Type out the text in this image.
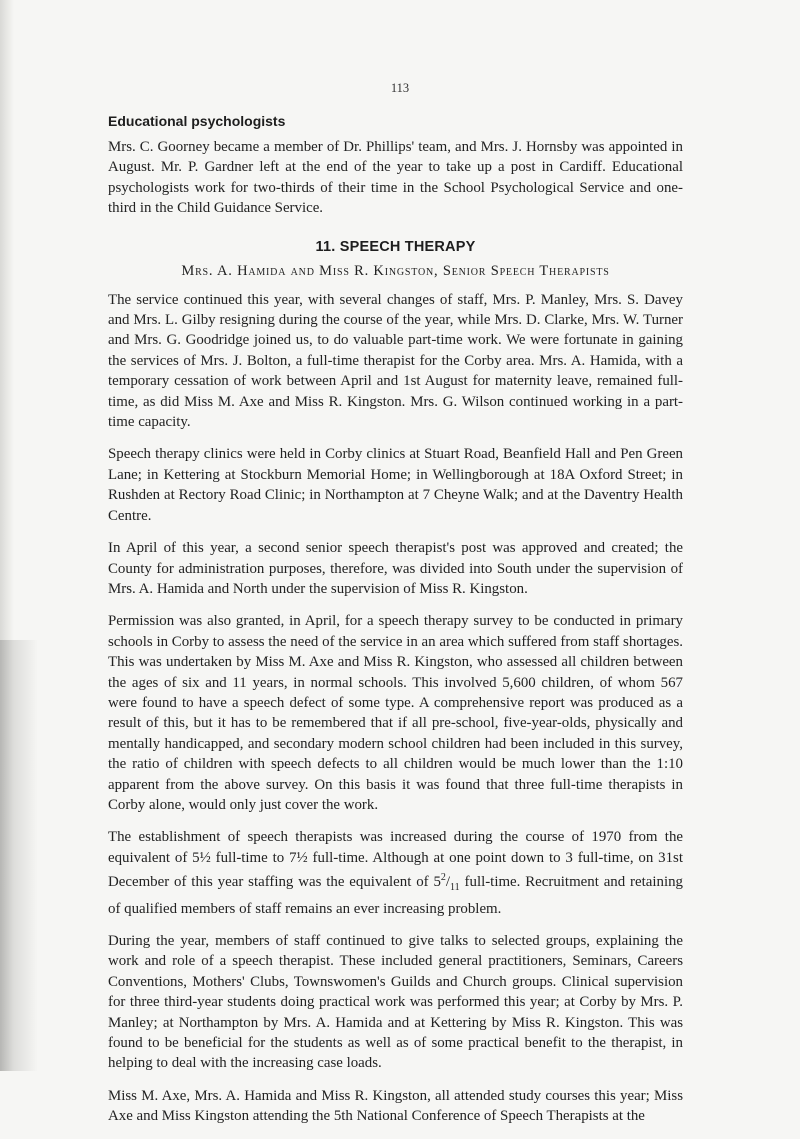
113
Educational psychologists

Mrs. C. Goorney became a member of Dr. Phillips' team, and Mrs. J. Hornsby was appointed in August. Mr. P. Gardner left at the end of the year to take up a post in Cardiff. Educational psychologists work for two-thirds of their time in the School Psychological Service and one-third in the Child Guidance Service.

11. SPEECH THERAPY
Mrs. A. Hamida and Miss R. Kingston, Senior Speech Therapists

The service continued this year, with several changes of staff, Mrs. P. Manley, Mrs. S. Davey and Mrs. L. Gilby resigning during the course of the year, while Mrs. D. Clarke, Mrs. W. Turner and Mrs. G. Goodridge joined us, to do valuable part-time work. We were fortunate in gaining the services of Mrs. J. Bolton, a full-time therapist for the Corby area. Mrs. A. Hamida, with a temporary cessation of work between April and 1st August for maternity leave, remained full-time, as did Miss M. Axe and Miss R. Kingston. Mrs. G. Wilson continued working in a part-time capacity.

Speech therapy clinics were held in Corby clinics at Stuart Road, Beanfield Hall and Pen Green Lane; in Kettering at Stockburn Memorial Home; in Wellingborough at 18A Oxford Street; in Rushden at Rectory Road Clinic; in Northampton at 7 Cheyne Walk; and at the Daventry Health Centre.

In April of this year, a second senior speech therapist's post was approved and created; the County for administration purposes, therefore, was divided into South under the supervision of Mrs. A. Hamida and North under the supervision of Miss R. Kingston.

Permission was also granted, in April, for a speech therapy survey to be conducted in primary schools in Corby to assess the need of the service in an area which suffered from staff shortages. This was undertaken by Miss M. Axe and Miss R. Kingston, who assessed all children between the ages of six and 11 years, in normal schools. This involved 5,600 children, of whom 567 were found to have a speech defect of some type. A comprehensive report was produced as a result of this, but it has to be remembered that if all pre-school, five-year-olds, physically and mentally handicapped, and secondary modern school children had been included in this survey, the ratio of children with speech defects to all children would be much lower than the 1:10 apparent from the above survey. On this basis it was found that three full-time therapists in Corby alone, would only just cover the work.

The establishment of speech therapists was increased during the course of 1970 from the equivalent of 5½ full-time to 7½ full-time. Although at one point down to 3 full-time, on 31st December of this year staffing was the equivalent of $5^2/_{11}$ full-time. Recruitment and retaining of qualified members of staff remains an ever increasing problem.

During the year, members of staff continued to give talks to selected groups, explaining the work and role of a speech therapist. These included general practitioners, Seminars, Careers Conventions, Mothers' Clubs, Townswomen's Guilds and Church groups. Clinical supervision for three third-year students doing practical work was performed this year; at Corby by Mrs. P. Manley; at Northampton by Mrs. A. Hamida and at Kettering by Miss R. Kingston. This was found to be beneficial for the students as well as of some practical benefit to the therapist, in helping to deal with the increasing case loads.

Miss M. Axe, Mrs. A. Hamida and Miss R. Kingston, all attended study courses this year; Miss Axe and Miss Kingston attending the 5th National Conference of Speech Therapists at the
